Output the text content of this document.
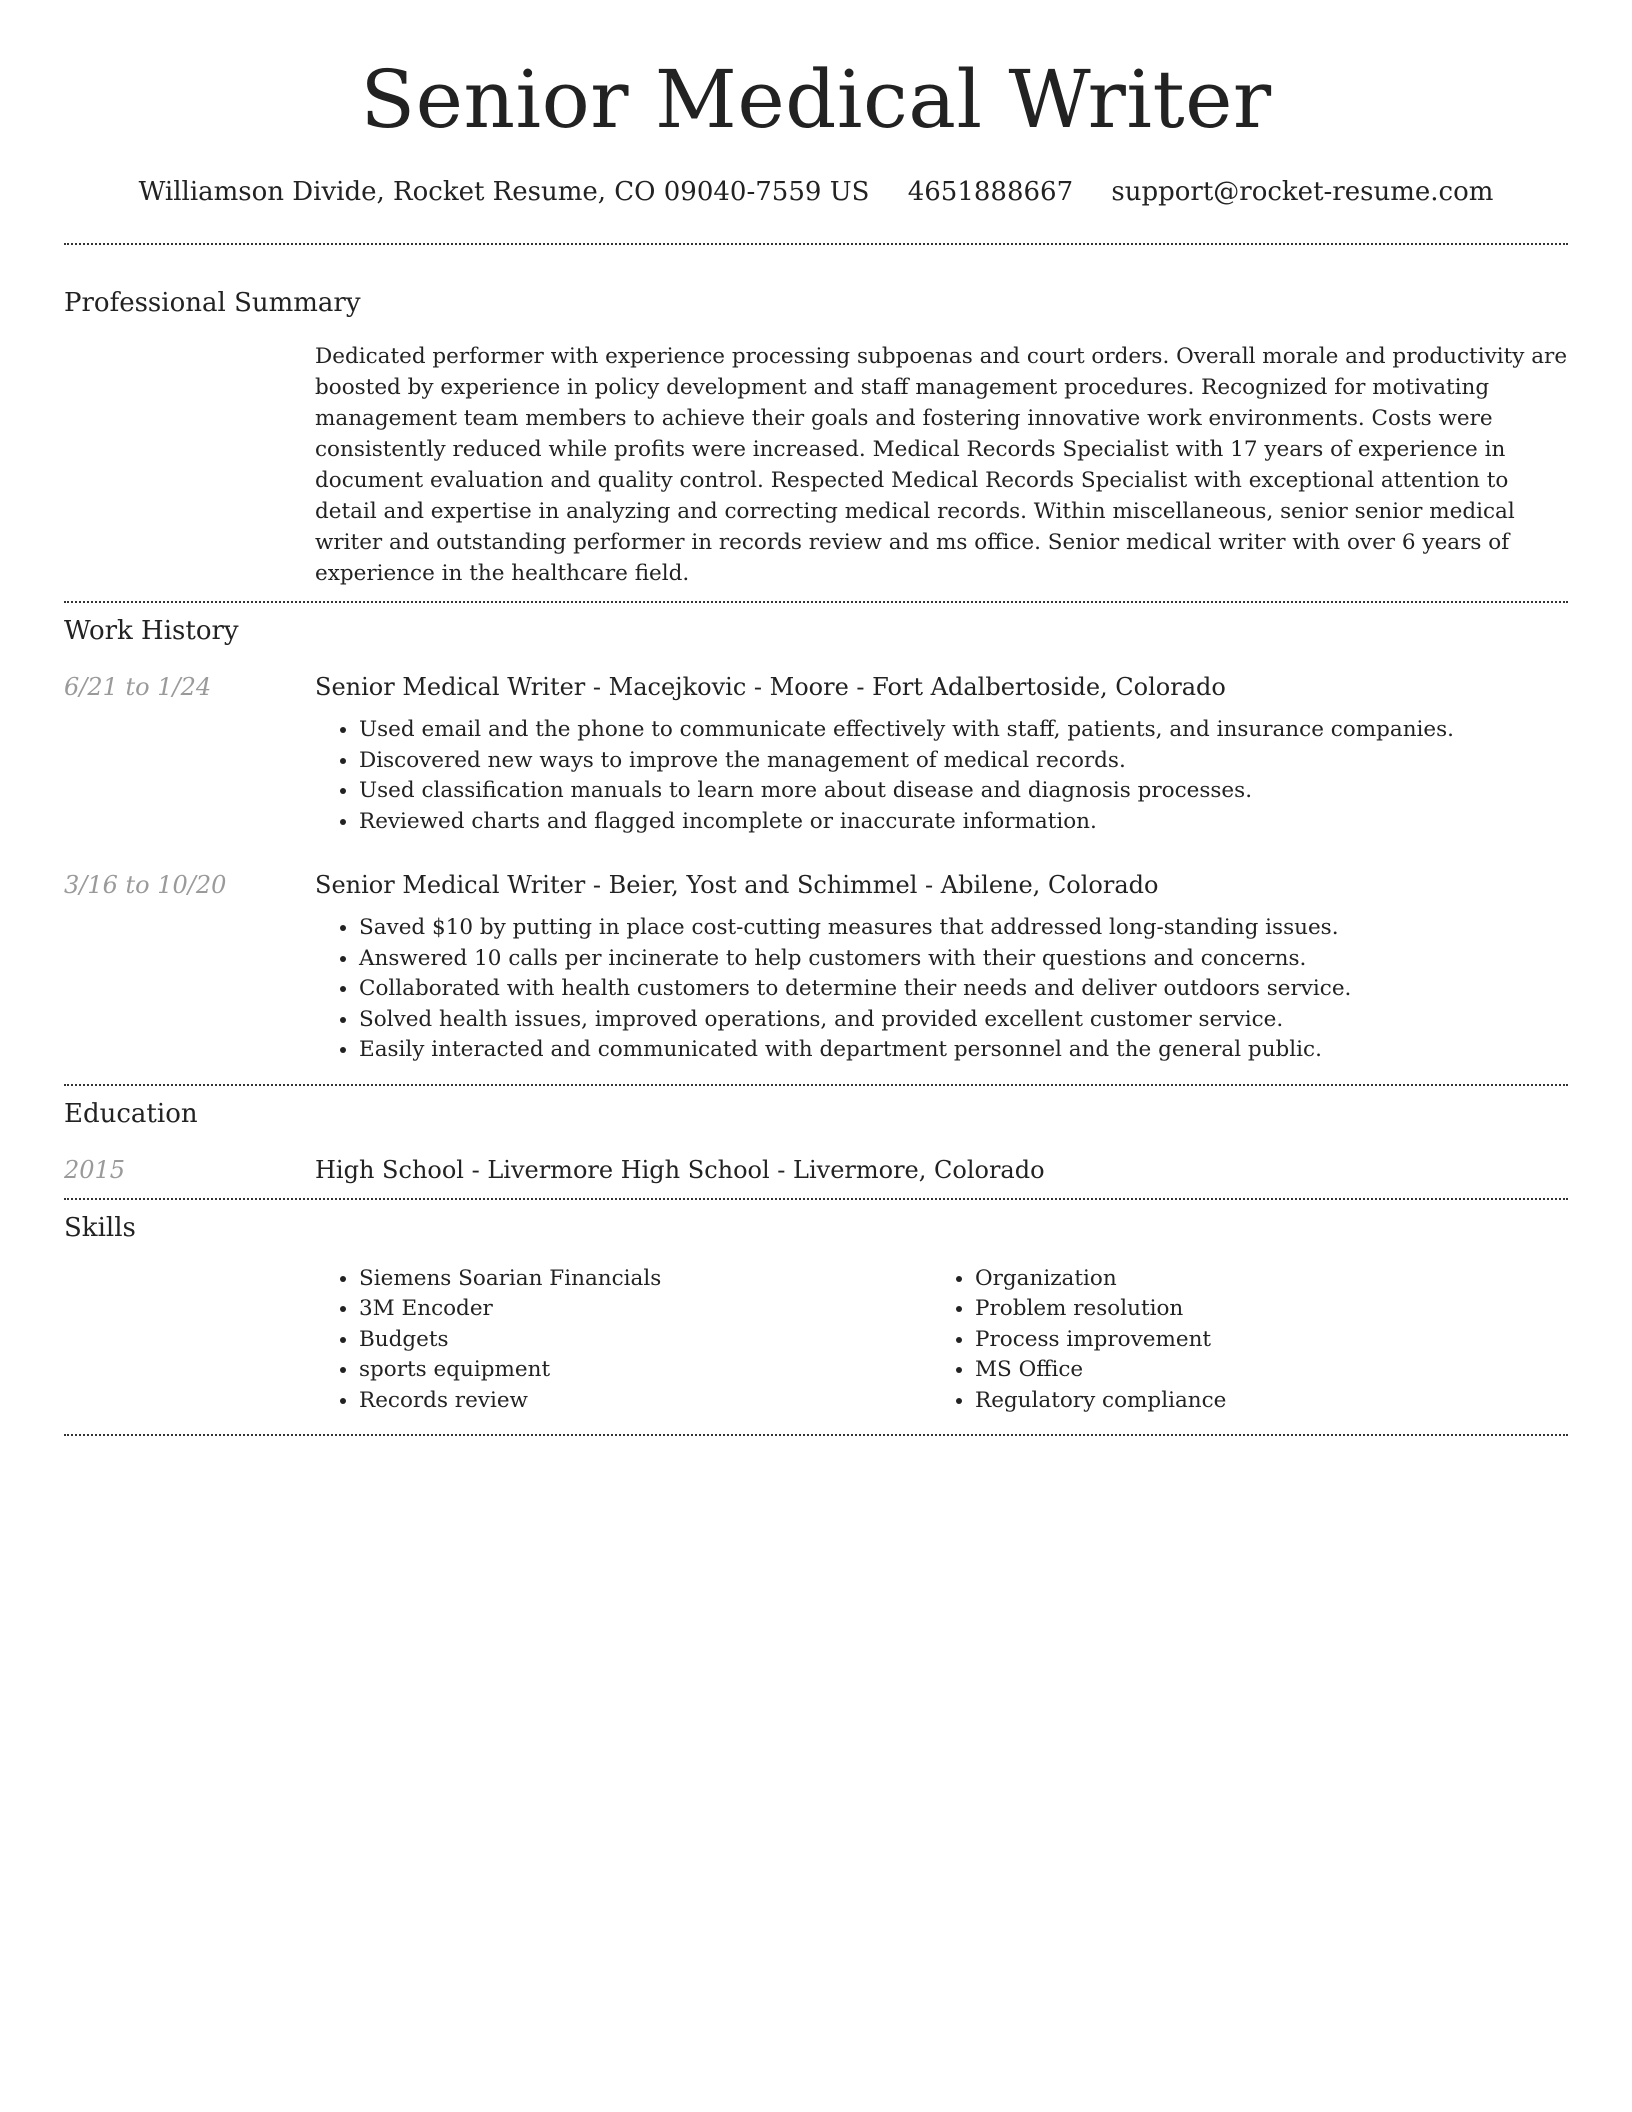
Senior Medical Writer
Williamson Divide, Rocket Resume, CO 09040-7559 US 4651888667 support@rocket-resume.com
Professional Summary
Dedicated performer with experience processing subpoenas and court orders. Overall morale and productivity are boosted by experience in policy development and staff management procedures. Recognized for motivating management team members to achieve their goals and fostering innovative work environments. Costs were consistently reduced while profits were increased. Medical Records Specialist with 17 years of experience in document evaluation and quality control. Respected Medical Records Specialist with exceptional attention to detail and expertise in analyzing and correcting medical records. Within miscellaneous, senior senior medical writer and outstanding performer in records review and ms office. Senior medical writer with over 6 years of experience in the healthcare field.
Work History
6/21 to 1/24	Senior Medical Writer - Macejkovic - Moore - Fort Adalbertoside, Colorado
• Used email and the phone to communicate effectively with staff, patients, and insurance companies.
• Discovered new ways to improve the management of medical records.
• Used classification manuals to learn more about disease and diagnosis processes.
• Reviewed charts and flagged incomplete or inaccurate information.
3/16 to 10/20	Senior Medical Writer - Beier, Yost and Schimmel - Abilene, Colorado
• Saved $10 by putting in place cost-cutting measures that addressed long-standing issues.
• Answered 10 calls per incinerate to help customers with their questions and concerns.
• Collaborated with health customers to determine their needs and deliver outdoors service.
• Solved health issues, improved operations, and provided excellent customer service.
• Easily interacted and communicated with department personnel and the general public.
Education
2015	High School - Livermore High School - Livermore, Colorado
Skills
• Siemens Soarian Financials
• 3M Encoder
• Budgets
• sports equipment
• Records review
• Organization
• Problem resolution
• Process improvement
• MS Office
• Regulatory compliance
